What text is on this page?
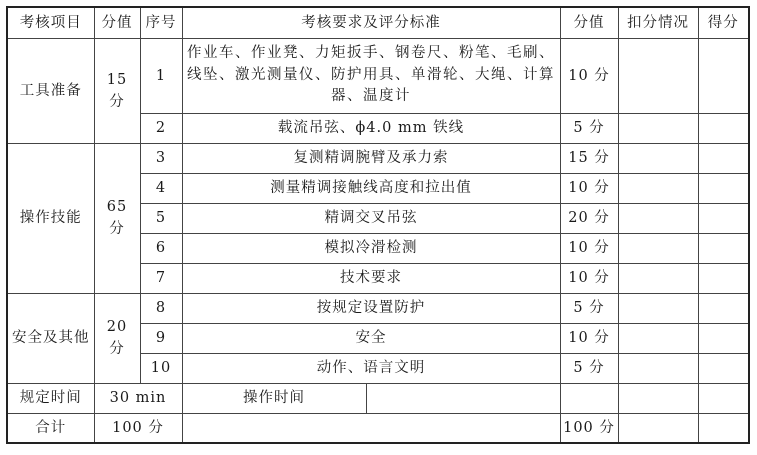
考核项目	分值	序号	考核要求及评分标准		分值	扣分情况	得分
工具准备	15 分	1	作业车、作业凳、力矩扳手、钢卷尺、粉笔、毛刷、线坠、激光测量仪、防护用具、单滑轮、大绳、计算器、温度计		10 分		
		2	载流吊弦、ϕ4.0 mm 铁线		5 分		
操作技能	65 分	3	复测精调腕臂及承力索		15 分		
		4	测量精调接触线高度和拉出值		10 分		
		5	精调交叉吊弦		20 分		
		6	模拟冷滑检测		10 分		
		7	技术要求		10 分		
安全及其他	20 分	8	按规定设置防护		5 分		
		9	安全		10 分		
		10	动作、语言文明		5 分		
规定时间	30 min		操作时间				
合计	100 分				100 分		
